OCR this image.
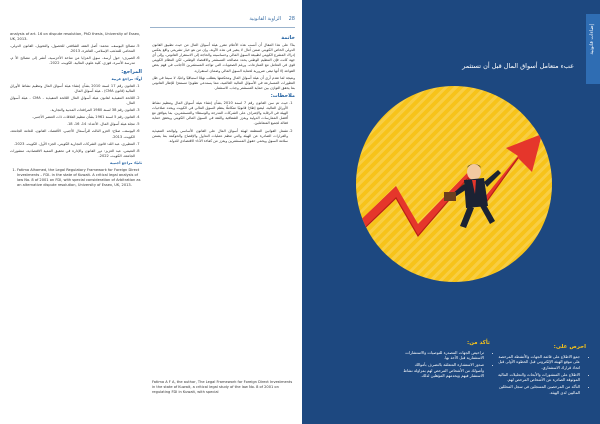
الزاوية القانونية 28

analysis of art. 16 on dispute resolution, PhD thesis, University of Essex, UK, 2013.

5. مصالح اليوسف، محمد: أصل الفقه الشافعي للحصول، والتحويل، القانون الدولي، المحامي للمذهب الإسلامي، القاهرة، 2013.
6. الصيرف: حول أرسة، سوق المزايا من مناخة الأخزسية، أنشر إلى مصالح الأ م، مدرسة الأسرة، فوزي، كلية علوم، المالية، الكويت، 2022.
المراجع:

أولًا: مراجع عربية

1. القانون رقم 17 لسنة 2010 بشأن إنشاء هيئة أسواق المال وتنظيم نشاط الأوراق المالية (قانون CMA) - هيئة أسواق المال.
2. اللائحة التنفيذية لقانون هيئة أسواق المال اللائحة التنفيذية - CMA - هيئة أسواق المال.
3. القانون رقم 38 لسنة 1980 المرافعات المدنية والتجارية.
4. القانون رقم 5 لسنة 1961 بشأن تنظيم العلاقات ذات العنصر الأجنبي.
5. مجلة هيئة أسواق المال، الأعداد: 14، 16، 18.
6. اليوسف، صلاح: الغزو الثالث للرأسمال الأجنبي، الأقتصاد، القانون، للعامة الجامعة، الكويت، 2013.
7. المطيري، عبد الله: قانون الشركات التجارية الكويتي، الجزء الأول، الكويت، 2023.
8. النعيمي، عبد العزيز: دور القانون والإدارة في تحقيق التنمية الاقتصادية، منشورات الجامعة، الكويت، 2022.

ثانيًا: مراجع أجنبية

1. Fatima Alhamed, the Legal Regulatory Framework for Foreign Direct Investments – FDI- in the state of Kuwait. A critical legal analysis of law No. 8 of 2001 on FDI, with special consideration of Arbitration as an alternative dispute resolution, University of Essex, UK, 2013.
خاتمة

بناءً على هذا المقال أن أنسب هذه الأعلام مقرر هيئة أسواق المال من حيث تطبيق القانون الدولي الخاص الكويتي ضمن آمال لا يتغير في هذه الآونة، وإن من هو خيار تشريعي واقع يعكس إدراك المشرع الكويتي لطبيعة السوق المالي وحساسيته والحاجة إلى الاستقرار القانوني، وإلى أي جهة كانت فإن التنظيم الوطني يحدد مصالحه المستثمر والاقتصاد الوطني، لكن النظام الكويتي قوي في التعامل مع المنازعات، ورغم الصعوبات التي تواجه المستثمرين الأجانب في فهم بعض القواعد إلا أنها تبقى ضرورية لحماية السوق المالي وضمان استقراره.

ونتيجة لما تقدم أرى أن هيئة أسواق المال ومحكمتها يتطلب نهجًا استباقيًا واعيًا، لا سيما في ظل التطورات المتسارعة في الأسواق المالية العالمية، مما يستدعي تطويرًا مستمرًا للإطار القانوني بما يحقق التوازن بين حماية المستثمر وجذب الاستثمار.

ملاحظات:
1. حيث تم سن القانون رقم 7 لسنة 2010 بشأن إنشاء هيئة أسواق المال وتنظيم نشاط الأوراق المالية، ليضع إطارًا قانونيًا متكاملًا ينظم السوق المالي في الكويت ويحدد صلاحيات الهيئة في الرقابة والإشراف على الشركات المدرجة والوسطاء والمستثمرين، بما يتوافق مع أفضل الممارسات الدولية ويعزز الشفافية والثقة في السوق المالي الكويتي ويحقق حماية فعالة لجميع المتعاملين.
2. تشمل القوانين المنظمة لهيئة أسواق المال على القانون الأساسي ولوائحه التنفيذية والقرارات الصادرة عن الهيئة والتي تنظم عمليات التداول والإفصاح والحوكمة بما يضمن سلامة السوق ويحمي حقوق المستثمرين ويعزز من كفاءة الأداء الاقتصادي للدولة.
Fatima A F A, the author, The Legal Framework for Foreign Direct Investments in the state of Kuwait, a critical legal study of the law No. 8 of 2001 on regulating FDI in Kuwait, with special
إضاءات قانونية
عبء متعامل أسواق المال قبل أن تستثمر
احرص على:
• جمع الاطلاع على قائمة الجهات والأنشطة المرخصة على موقع الهيئة الإلكتروني قبل الخطوة الأولى قبل اتخاذ قرارك الاستثماري.
• الاطلاع على المنشورات والأبحاث والتحليلات المالية الموثوقة الصادرة عن الأشخاص المرخص لهم.
• التأكد من المرخصين المسجلين في سجل المحللين الماليين لدى الهيئة.
تأكد من:
• تراخيص الجهات المصدرة للتوصيات والاستشارات الاستثمارية قبل الأخذ بها.
• صدور الاستشارة المتعلقة بالتصرف بأموالك وأصولك من الأشخاص المرخص لهم بمزاولة نشاط الاستشار فيهم ويخدمهم المؤهلين لذلك.
